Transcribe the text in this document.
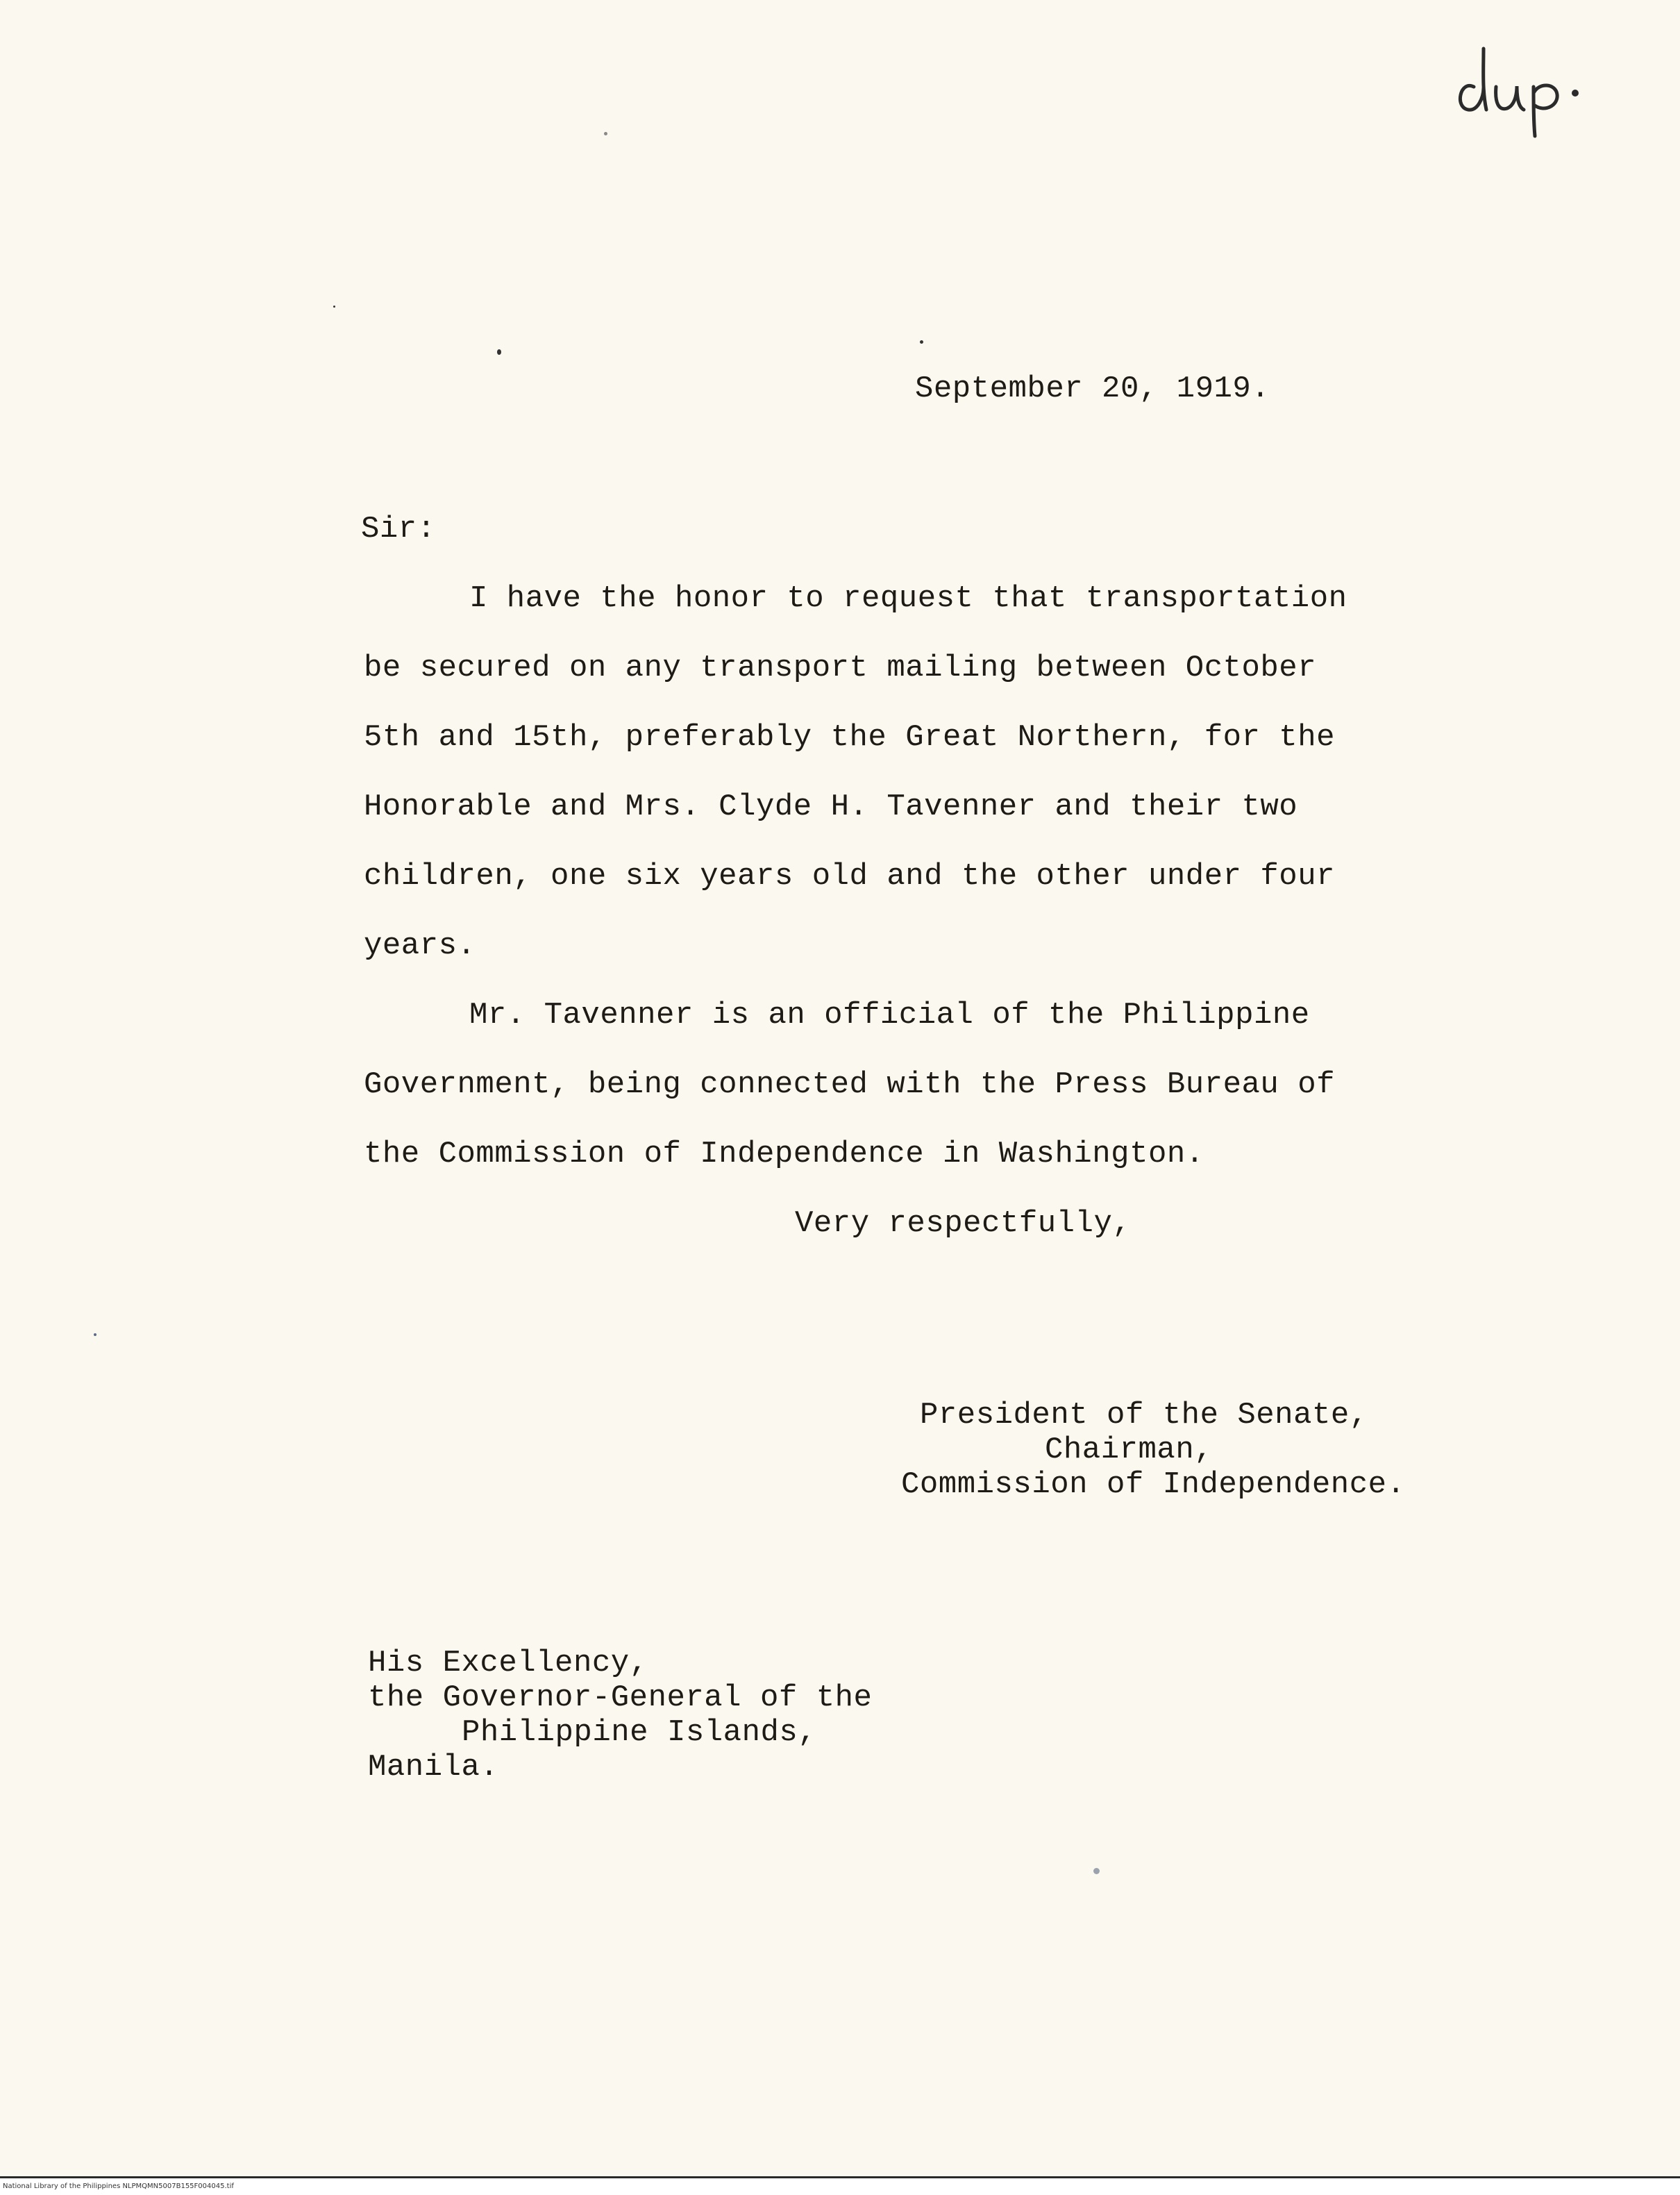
September 20, 1919.
Sir:
I have the honor to request that transportation
be secured on any transport mailing between October
5th and 15th, preferably the Great Northern, for the
Honorable and Mrs. Clyde H. Tavenner and their two
children, one six years old and the other under four
years.
Mr. Tavenner is an official of the Philippine
Government, being connected with the Press Bureau of
the Commission of Independence in Washington.
Very respectfully,
President of the Senate,
Chairman,
Commission of Independence.
His Excellency,
the Governor-General of the
Philippine Islands,
Manila.
National Library of the Philippines NLPMQMN5007B155F004045.tif
